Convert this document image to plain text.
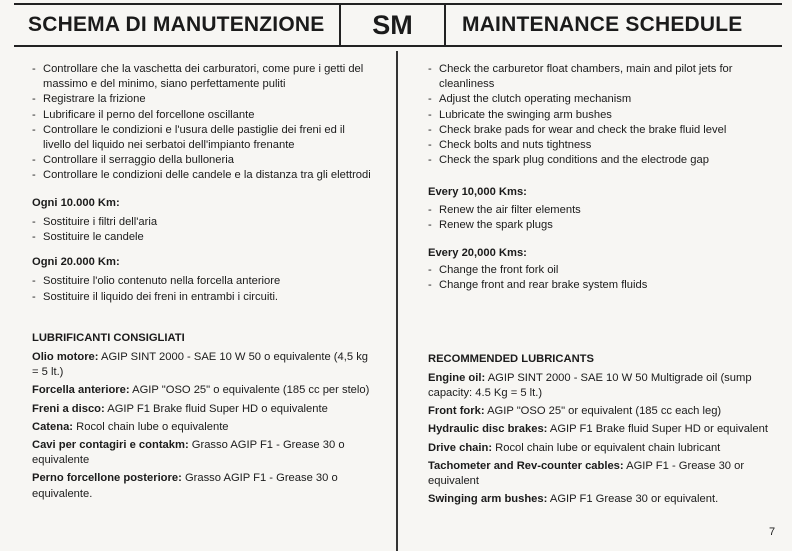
SCHEMA DI MANUTENZIONE	SM	MAINTENANCE SCHEDULE
- Controllare che la vaschetta dei carburatori, come pure i getti del massimo e del minimo, siano perfettamente puliti
- Registrare la frizione
- Lubrificare il perno del forcellone oscillante
- Controllare le condizioni e l'usura delle pastiglie dei freni ed il livello del liquido nei serbatoi dell'impianto frenante
- Controllare il serraggio della bulloneria
- Controllare le condizioni delle candele e la distanza tra gli elettrodi

Ogni 10.000 Km:

- Sostituire i filtri dell'aria
- Sostituire le candele

Ogni 20.000 Km:

- Sostituire l'olio contenuto nella forcella anteriore
- Sostituire il liquido dei freni in entrambi i circuiti.

LUBRIFICANTI CONSIGLIATI

Olio motore: AGIP SINT 2000 - SAE 10 W 50 o equivalente (4,5 kg = 5 lt.)

Forcella anteriore: AGIP "OSO 25" o equivalente (185 cc per stelo)

Freni a disco: AGIP F1 Brake fluid Super HD o equivalente

Catena: Rocol chain lube o equivalente

Cavi per contagiri e contakm: Grasso AGIP F1 - Grease 30 o equivalente

Perno forcellone posteriore: Grasso AGIP F1 - Grease 30 o equivalente.

- Check the carburetor float chambers, main and pilot jets for cleanliness
- Adjust the clutch operating mechanism
- Lubricate the swinging arm bushes
- Check brake pads for wear and check the brake fluid level
- Check bolts and nuts tightness
- Check the spark plug conditions and the electrode gap

Every 10,000 Kms:

- Renew the air filter elements
- Renew the spark plugs

Every 20,000 Kms:

- Change the front fork oil
- Change front and rear brake system fluids

RECOMMENDED LUBRICANTS

Engine oil: AGIP SINT 2000 - SAE 10 W 50 Multigrade oil (sump capacity: 4.5 Kg = 5 lt.)

Front fork: AGIP "OSO 25" or equivalent (185 cc each leg)

Hydraulic disc brakes: AGIP F1 Brake fluid Super HD or equivalent

Drive chain: Rocol chain lube or equivalent chain lubricant

Tachometer and Rev-counter cables: AGIP F1 - Grease 30 or equivalent

Swinging arm bushes: AGIP F1 Grease 30 or equivalent.

7
